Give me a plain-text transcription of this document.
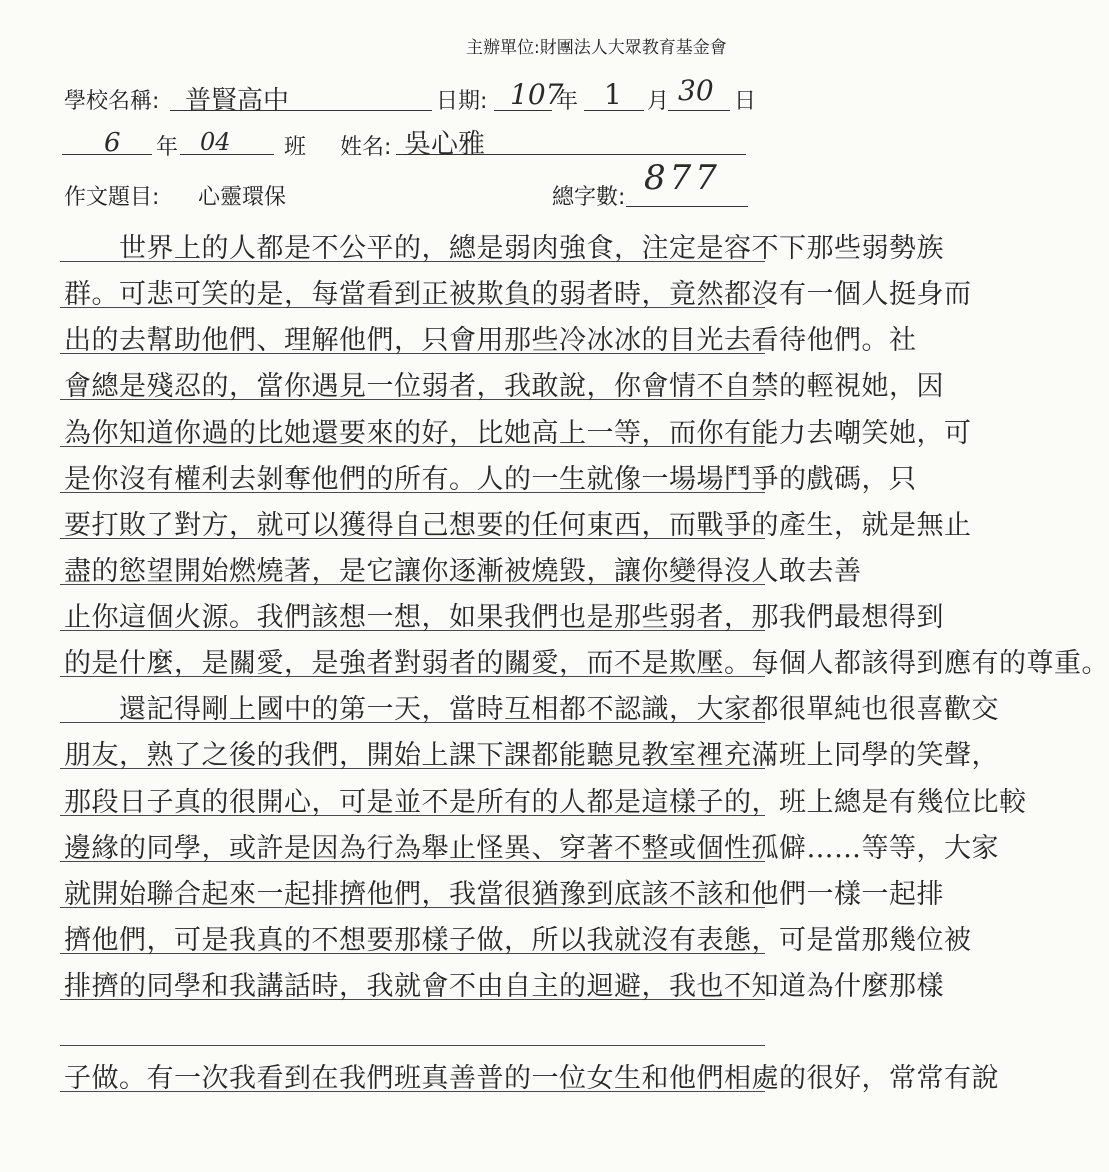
主辦單位:財團法人大眾教育基金會
學校名稱: 普賢高中	日期: 107
年 1 月 30 日
6 年 04 班 姓名: 吳心雅
作文題目: 心靈環保	總字數: 877
　　世界上的人都是不公平的，總是弱肉強食，注定是容不下那些弱勢族
群。可悲可笑的是，每當看到正被欺負的弱者時，竟然都沒有一個人挺身而
出的去幫助他們、理解他們，只會用那些冷冰冰的目光去看待他們。社
會總是殘忍的，當你遇見一位弱者，我敢說，你會情不自禁的輕視她，因
為你知道你過的比她還要來的好，比她高上一等，而你有能力去嘲笑她，可
是你沒有權利去剝奪他們的所有。人的一生就像一場場鬥爭的戲碼，只
要打敗了對方，就可以獲得自己想要的任何東西，而戰爭的產生，就是無止
盡的慾望開始燃燒著，是它讓你逐漸被燒毀，讓你變得沒人敢去善
止你這個火源。我們該想一想，如果我們也是那些弱者，那我們最想得到
的是什麼，是關愛，是強者對弱者的關愛，而不是欺壓。每個人都該得到應有的尊重。
　　還記得剛上國中的第一天，當時互相都不認識，大家都很單純也很喜歡交
朋友，熟了之後的我們，開始上課下課都能聽見教室裡充滿班上同學的笑聲，
那段日子真的很開心，可是並不是所有的人都是這樣子的，班上總是有幾位比較
邊緣的同學，或許是因為行為舉止怪異、穿著不整或個性孤僻……等等，大家
就開始聯合起來一起排擠他們，我當很猶豫到底該不該和他們一樣一起排
擠他們，可是我真的不想要那樣子做，所以我就沒有表態，可是當那幾位被
排擠的同學和我講話時，我就會不由自主的迴避，我也不知道為什麼那樣
子做。有一次我看到在我們班真善普的一位女生和他們相處的很好，常常有說
